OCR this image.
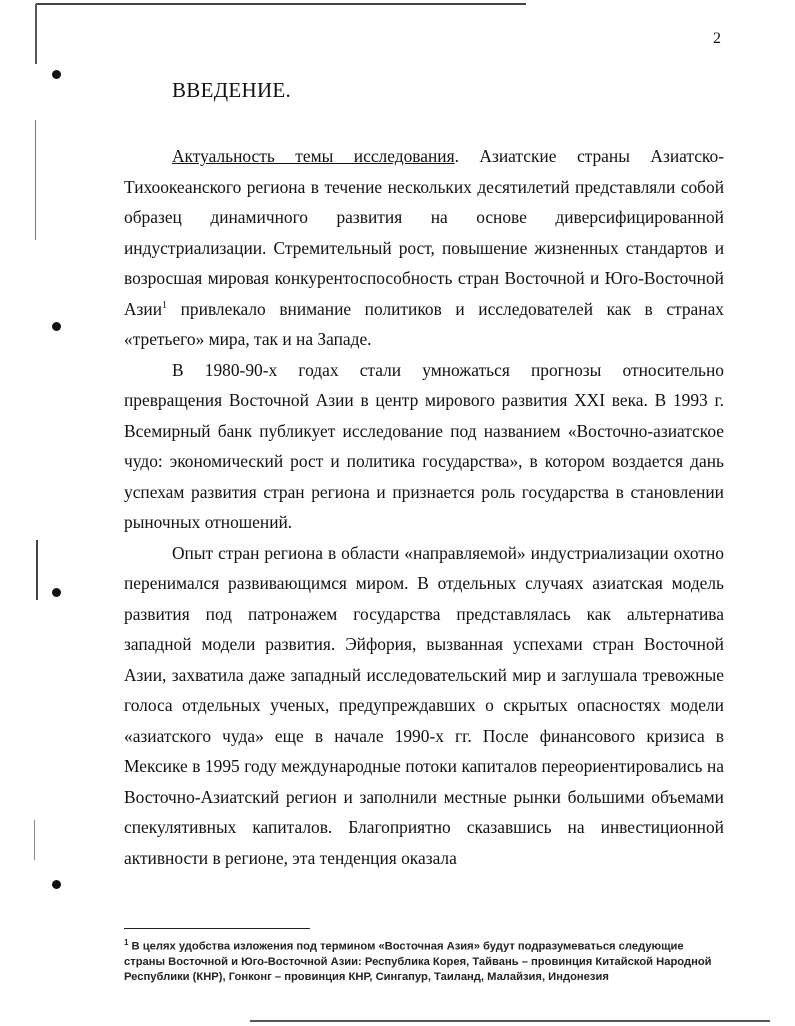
2
ВВЕДЕНИЕ.

Актуальность темы исследования. Азиатские страны Азиатско-Тихоокеанского региона в течение нескольких десятилетий представляли собой образец динамичного развития на основе диверсифицированной индустриализации. Стремительный рост, повышение жизненных стандартов и возросшая мировая конкурентоспособность стран Восточной и Юго-Восточной Азии$^1$ привлекало внимание политиков и исследователей как в странах «третьего» мира, так и на Западе.

В 1980-90-х годах стали умножаться прогнозы относительно превращения Восточной Азии в центр мирового развития XXI века. В 1993 г. Всемирный банк публикует исследование под названием «Восточно-азиатское чудо: экономический рост и политика государства», в котором воздается дань успехам развития стран региона и признается роль государства в становлении рыночных отношений.

Опыт стран региона в области «направляемой» индустриализации охотно перенимался развивающимся миром. В отдельных случаях азиатская модель развития под патронажем государства представлялась как альтернатива западной модели развития. Эйфория, вызванная успехами стран Восточной Азии, захватила даже западный исследовательский мир и заглушала тревожные голоса отдельных ученых, предупреждавших о скрытых опасностях модели «азиатского чуда» еще в начале 1990-х гг. После финансового кризиса в Мексике в 1995 году международные потоки капиталов переориентировались на Восточно-Азиатский регион и заполнили местные рынки большими объемами спекулятивных капиталов. Благоприятно сказавшись на инвестиционной активности в регионе, эта тенденция оказала

$^1$ В целях удобства изложения под термином «Восточная Азия» будут подразумеваться следующие страны Восточной и Юго-Восточной Азии: Республика Корея, Тайвань – провинция Китайской Народной Республики (КНР), Гонконг – провинция КНР, Сингапур, Таиланд, Малайзия, Индонезия
